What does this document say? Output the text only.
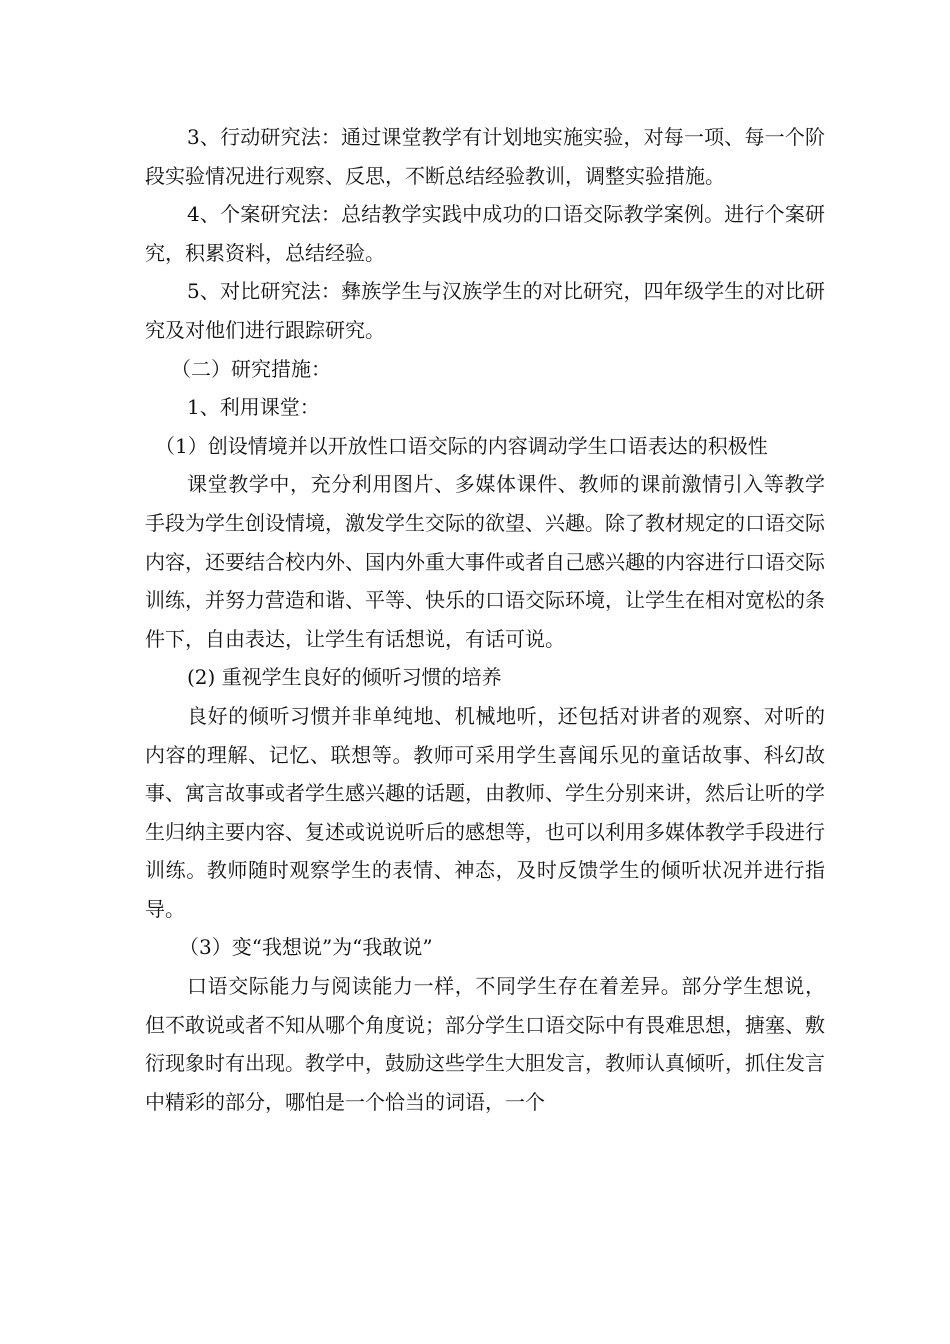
3、行动研究法：通过课堂教学有计划地实施实验，对每一项、每一个阶段实验情况进行观察、反思，不断总结经验教训，调整实验措施。

4、个案研究法：总结教学实践中成功的口语交际教学案例。进行个案研究，积累资料，总结经验。

5、对比研究法：彝族学生与汉族学生的对比研究，四年级学生的对比研究及对他们进行跟踪研究。

（二）研究措施：

1、利用课堂：

（1）创设情境并以开放性口语交际的内容调动学生口语表达的积极性

课堂教学中，充分利用图片、多媒体课件、教师的课前激情引入等教学手段为学生创设情境，激发学生交际的欲望、兴趣。除了教材规定的口语交际内容，还要结合校内外、国内外重大事件或者自己感兴趣的内容进行口语交际训练，并努力营造和谐、平等、快乐的口语交际环境，让学生在相对宽松的条件下，自由表达，让学生有话想说，有话可说。

(2) 重视学生良好的倾听习惯的培养

良好的倾听习惯并非单纯地、机械地听，还包括对讲者的观察、对听的内容的理解、记忆、联想等。教师可采用学生喜闻乐见的童话故事、科幻故事、寓言故事或者学生感兴趣的话题，由教师、学生分别来讲，然后让听的学生归纳主要内容、复述或说说听后的感想等，也可以利用多媒体教学手段进行训练。教师随时观察学生的表情、神态，及时反馈学生的倾听状况并进行指导。

（3）变“我想说”为“我敢说”

口语交际能力与阅读能力一样，不同学生存在着差异。部分学生想说，但不敢说或者不知从哪个角度说；部分学生口语交际中有畏难思想，搪塞、敷衍现象时有出现。教学中，鼓励这些学生大胆发言，教师认真倾听，抓住发言中精彩的部分，哪怕是一个恰当的词语，一个
